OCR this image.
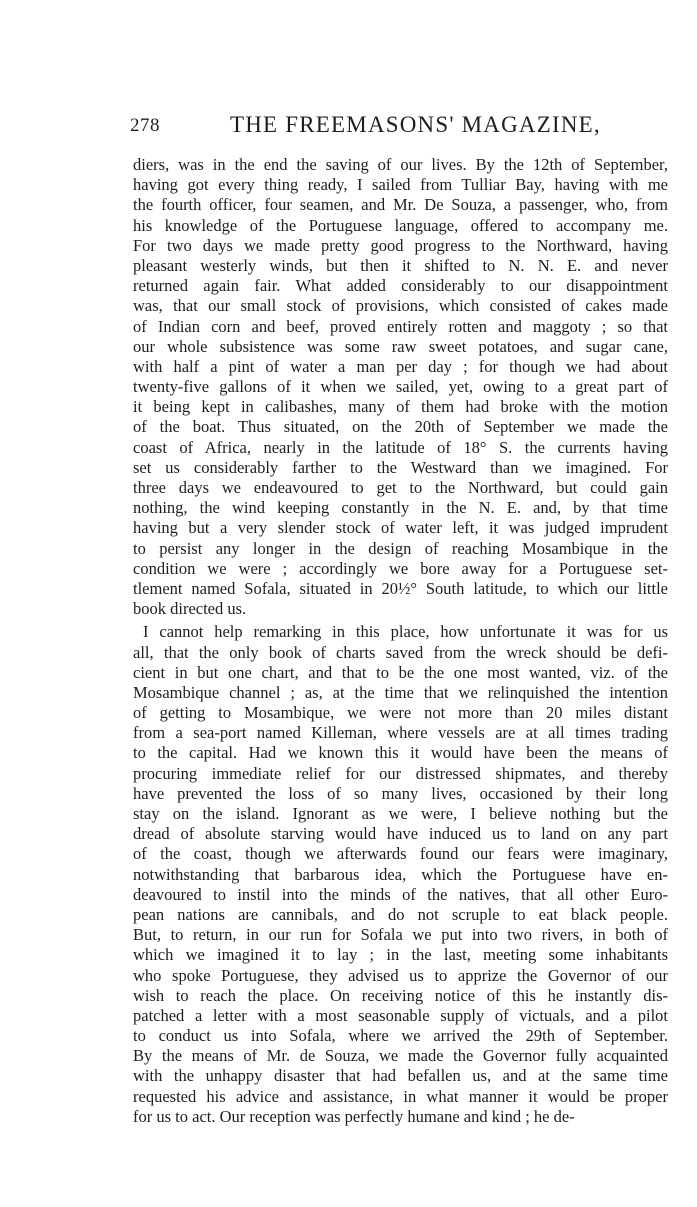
278	THE FREEMASONS' MAGAZINE,
diers, was in the end the saving of our lives. By the 12th of September,
having got every thing ready, I sailed from Tulliar Bay, having with me
the fourth officer, four seamen, and Mr. De Souza, a passenger, who, from
his knowledge of the Portuguese language, offered to accompany me.
For two days we made pretty good progress to the Northward, having
pleasant westerly winds, but then it shifted to N. N. E. and never
returned again fair. What added considerably to our disappointment
was, that our small stock of provisions, which consisted of cakes made
of Indian corn and beef, proved entirely rotten and maggoty ; so that
our whole subsistence was some raw sweet potatoes, and sugar cane,
with half a pint of water a man per day ; for though we had about
twenty-five gallons of it when we sailed, yet, owing to a great part of
it being kept in calibashes, many of them had broke with the motion
of the boat. Thus situated, on the 20th of September we made the
coast of Africa, nearly in the latitude of 18° S. the currents having
set us considerably farther to the Westward than we imagined. For
three days we endeavoured to get to the Northward, but could gain
nothing, the wind keeping constantly in the N. E. and, by that time
having but a very slender stock of water left, it was judged imprudent
to persist any longer in the design of reaching Mosambique in the
condition we were ; accordingly we bore away for a Portuguese set-
tlement named Sofala, situated in 20½° South latitude, to which our little
book directed us.
I cannot help remarking in this place, how unfortunate it was for us
all, that the only book of charts saved from the wreck should be defi-
cient in but one chart, and that to be the one most wanted, viz. of the
Mosambique channel ; as, at the time that we relinquished the intention
of getting to Mosambique, we were not more than 20 miles distant
from a sea-port named Killeman, where vessels are at all times trading
to the capital. Had we known this it would have been the means of
procuring immediate relief for our distressed shipmates, and thereby
have prevented the loss of so many lives, occasioned by their long
stay on the island. Ignorant as we were, I believe nothing but the
dread of absolute starving would have induced us to land on any part
of the coast, though we afterwards found our fears were imaginary,
notwithstanding that barbarous idea, which the Portuguese have en-
deavoured to instil into the minds of the natives, that all other Euro-
pean nations are cannibals, and do not scruple to eat black people.
But, to return, in our run for Sofala we put into two rivers, in both of
which we imagined it to lay ; in the last, meeting some inhabitants
who spoke Portuguese, they advised us to apprize the Governor of our
wish to reach the place. On receiving notice of this he instantly dis-
patched a letter with a most seasonable supply of victuals, and a pilot
to conduct us into Sofala, where we arrived the 29th of September.
By the means of Mr. de Souza, we made the Governor fully acquainted
with the unhappy disaster that had befallen us, and at the same time
requested his advice and assistance, in what manner it would be proper
for us to act. Our reception was perfectly humane and kind ; he de-
